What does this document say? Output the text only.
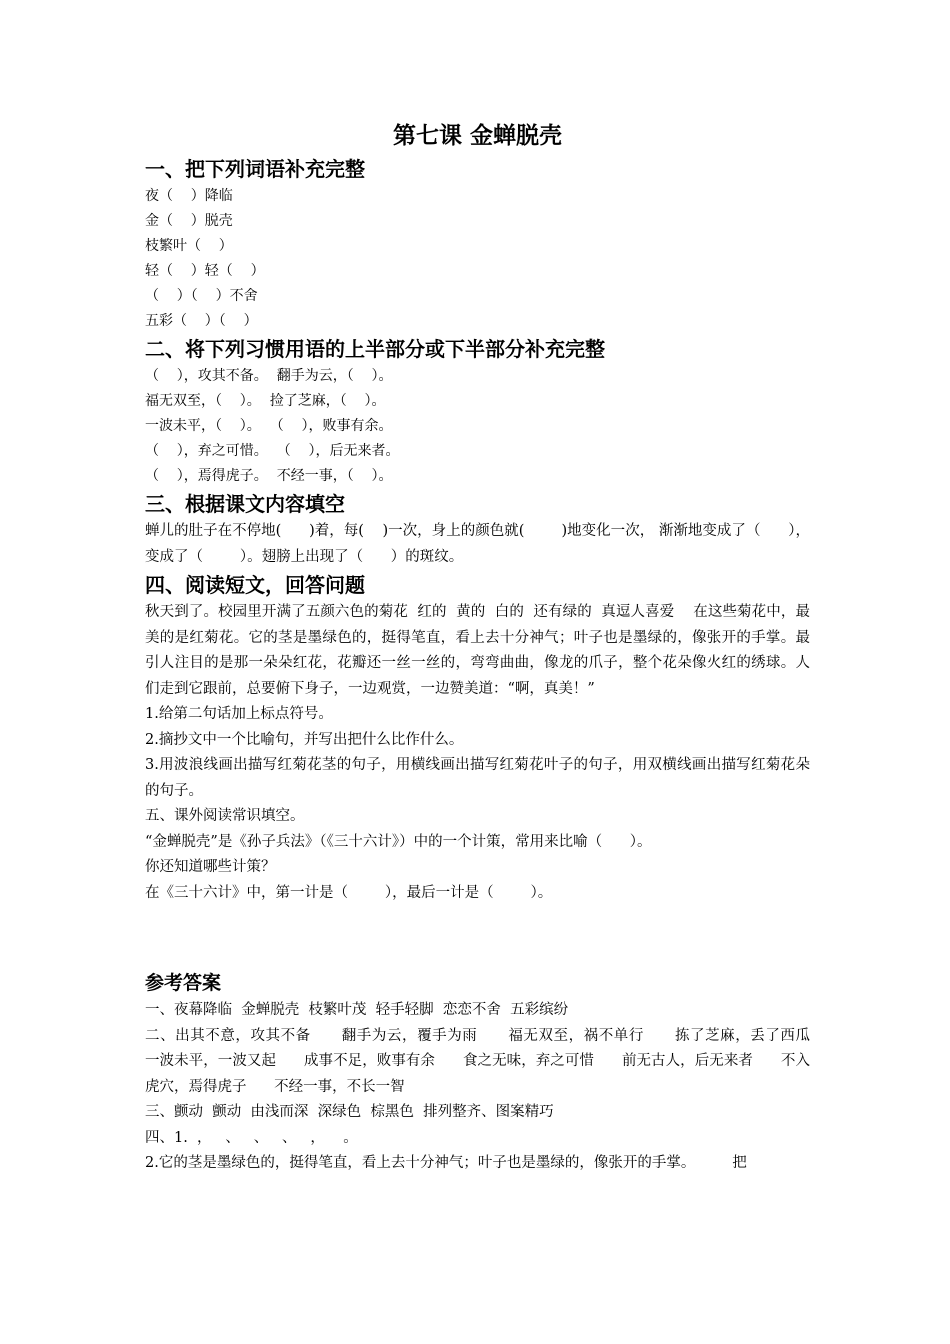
第七课 金蝉脱壳
一、把下列词语补充完整
夜（    ）降临
金（    ）脱壳
枝繁叶（    ）
轻（    ）轻（    ）
（    ）（    ）不舍
五彩（    ）（    ）
二、将下列习惯用语的上半部分或下半部分补充完整
（    ），攻其不备。  翻手为云，（    ）。
福无双至，（    ）。  捡了芝麻，（    ）。
一波未平，（    ）。  （    ），败事有余。
（    ），弃之可惜。  （    ），后无来者。
（    ），焉得虎子。  不经一事，（    ）。
三、根据课文内容填空
蝉儿的肚子在不停地(      )着，每(    )一次，身上的颜色就(        )地变化一次， 渐渐地变成了（      ），变成了（        ）。翅膀上出现了（      ）的斑纹。
四、阅读短文，回答问题
秋天到了。校园里开满了五颜六色的菊花  红的  黄的  白的  还有绿的  真逗人喜爱    在这些菊花中，最美的是红菊花。它的茎是墨绿色的，挺得笔直，看上去十分神气；叶子也是墨绿的，像张开的手掌。最引人注目的是那一朵朵红花，花瓣还一丝一丝的，弯弯曲曲，像龙的爪子，整个花朵像火红的绣球。人们走到它跟前，总要俯下身子，一边观赏，一边赞美道：“啊，真美！”
1.给第二句话加上标点符号。
2.摘抄文中一个比喻句，并写出把什么比作什么。
3.用波浪线画出描写红菊花茎的句子，用横线画出描写红菊花叶子的句子，用双横线画出描写红菊花朵的句子。
五、课外阅读常识填空。
“金蝉脱壳”是《孙子兵法》（《三十六计》）中的一个计策，常用来比喻（      ）。
你还知道哪些计策？
在《三十六计》中，第一计是（        ），最后一计是（        ）。
参考答案
一、夜幕降临  金蝉脱壳  枝繁叶茂  轻手轻脚  恋恋不舍  五彩缤纷
二、出其不意，攻其不备      翻手为云，覆手为雨      福无双至，祸不单行      拣了芝麻，丢了西瓜      一波未平，一波又起      成事不足，败事有余      食之无味，弃之可惜      前无古人，后无来者      不入虎穴，焉得虎子      不经一事，不长一智
三、颤动  颤动  由浅而深  深绿色  棕黑色  排列整齐、图案精巧
四、1.  ，   、   、   、   ，    。
2.它的茎是墨绿色的，挺得笔直，看上去十分神气；叶子也是墨绿的，像张开的手掌。        把
